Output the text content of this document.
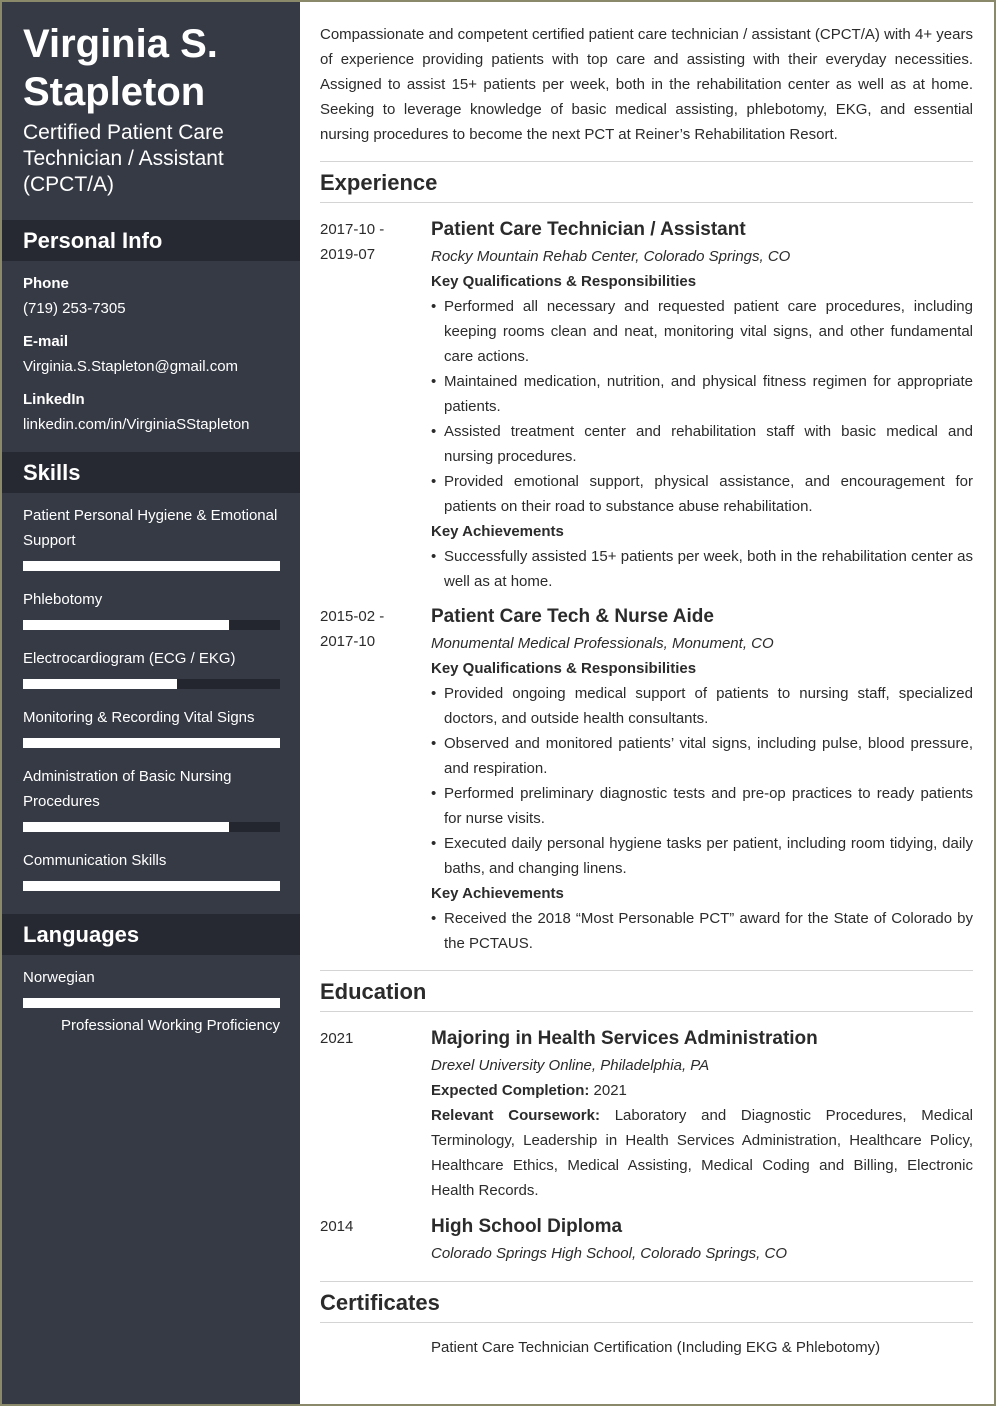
Virginia S. Stapleton
Certified Patient Care Technician / Assistant (CPCT/A)
Personal Info
Phone
(719) 253-7305
E-mail
Virginia.S.Stapleton@gmail.com
LinkedIn
linkedin.com/in/VirginiaSStapleton
Skills
Patient Personal Hygiene & Emotional Support
Phlebotomy
Electrocardiogram (ECG / EKG)
Monitoring & Recording Vital Signs
Administration of Basic Nursing Procedures
Communication Skills
Languages
Norwegian
Professional Working Proficiency
Compassionate and competent certified patient care technician / assistant (CPCT/A) with 4+ years of experience providing patients with top care and assisting with their everyday necessities. Assigned to assist 15+ patients per week, both in the rehabilitation center as well as at home. Seeking to leverage knowledge of basic medical assisting, phlebotomy, EKG, and essential nursing procedures to become the next PCT at Reiner’s Rehabilitation Resort.
Experience
2017-10 -
2019-07
Patient Care Technician / Assistant
Rocky Mountain Rehab Center, Colorado Springs, CO
Key Qualifications & Responsibilities
• Performed all necessary and requested patient care procedures, including keeping rooms clean and neat, monitoring vital signs, and other fundamental care actions.
• Maintained medication, nutrition, and physical fitness regimen for appropriate patients.
• Assisted treatment center and rehabilitation staff with basic medical and nursing procedures.
• Provided emotional support, physical assistance, and encouragement for patients on their road to substance abuse rehabilitation.
Key Achievements
• Successfully assisted 15+ patients per week, both in the rehabilitation center as well as at home.
2015-02 -
2017-10
Patient Care Tech & Nurse Aide
Monumental Medical Professionals, Monument, CO
Key Qualifications & Responsibilities
• Provided ongoing medical support of patients to nursing staff, specialized doctors, and outside health consultants.
• Observed and monitored patients’ vital signs, including pulse, blood pressure, and respiration.
• Performed preliminary diagnostic tests and pre-op practices to ready patients for nurse visits.
• Executed daily personal hygiene tasks per patient, including room tidying, daily baths, and changing linens.
Key Achievements
• Received the 2018 “Most Personable PCT” award for the State of Colorado by the PCTAUS.
Education
2021	Majoring in Health Services Administration
Drexel University Online, Philadelphia, PA
Expected Completion: 2021
Relevant Coursework: Laboratory and Diagnostic Procedures, Medical Terminology, Leadership in Health Services Administration, Healthcare Policy, Healthcare Ethics, Medical Assisting, Medical Coding and Billing, Electronic Health Records.
2014	High School Diploma
Colorado Springs High School, Colorado Springs, CO
Certificates
Patient Care Technician Certification (Including EKG & Phlebotomy)
